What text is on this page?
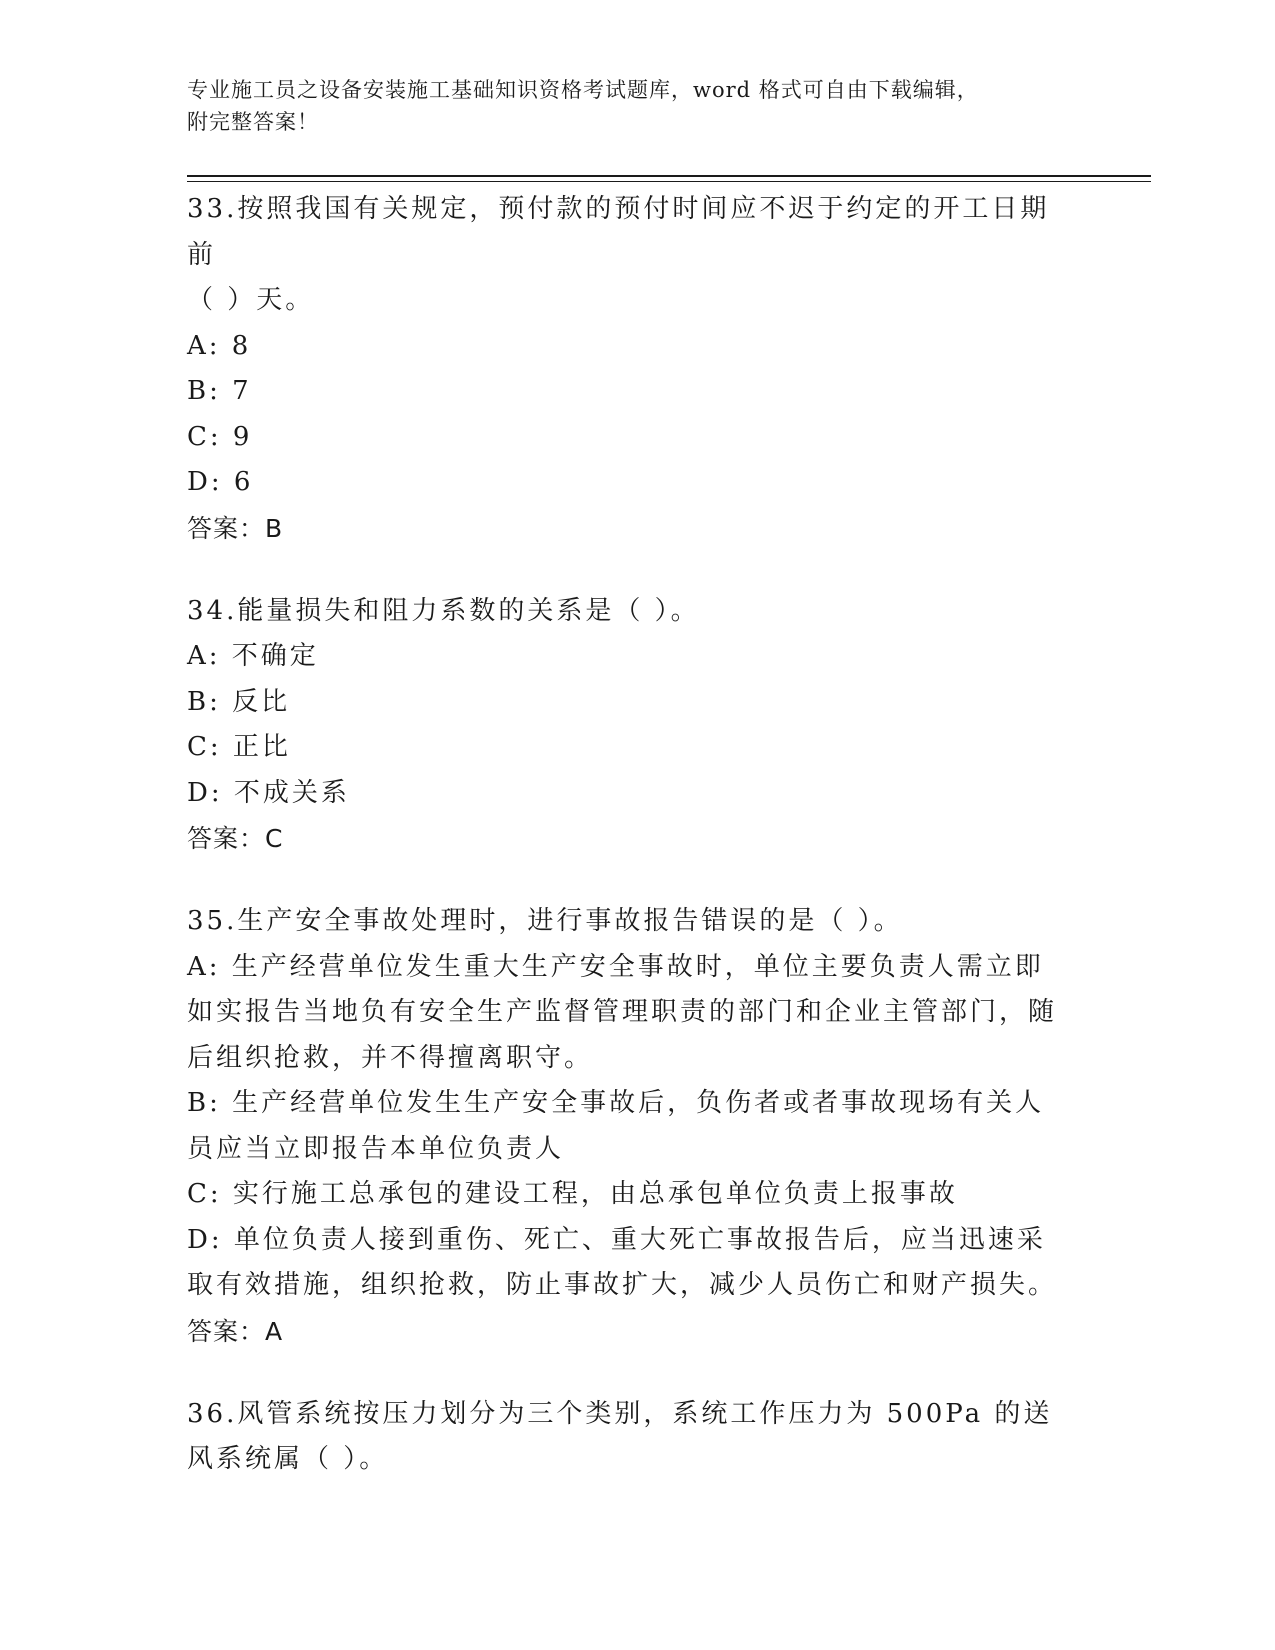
专业施工员之设备安装施工基础知识资格考试题库，word 格式可自由下载编辑，
附完整答案！
33.按照我国有关规定，预付款的预付时间应不迟于约定的开工日期前
（ ）天。
A: 8
B: 7
C: 9
D: 6
答案：B
34.能量损失和阻力系数的关系是（ ）。
A: 不确定
B: 反比
C: 正比
D: 不成关系
答案：C
35.生产安全事故处理时，进行事故报告错误的是（ ）。
A: 生产经营单位发生重大生产安全事故时，单位主要负责人需立即如实报告当地负有安全生产监督管理职责的部门和企业主管部门，随后组织抢救，并不得擅离职守。
B: 生产经营单位发生生产安全事故后，负伤者或者事故现场有关人员应当立即报告本单位负责人
C: 实行施工总承包的建设工程，由总承包单位负责上报事故
D: 单位负责人接到重伤、死亡、重大死亡事故报告后，应当迅速采取有效措施，组织抢救，防止事故扩大，减少人员伤亡和财产损失。
答案：A
36.风管系统按压力划分为三个类别，系统工作压力为 500Pa 的送风系统属（ ）。
